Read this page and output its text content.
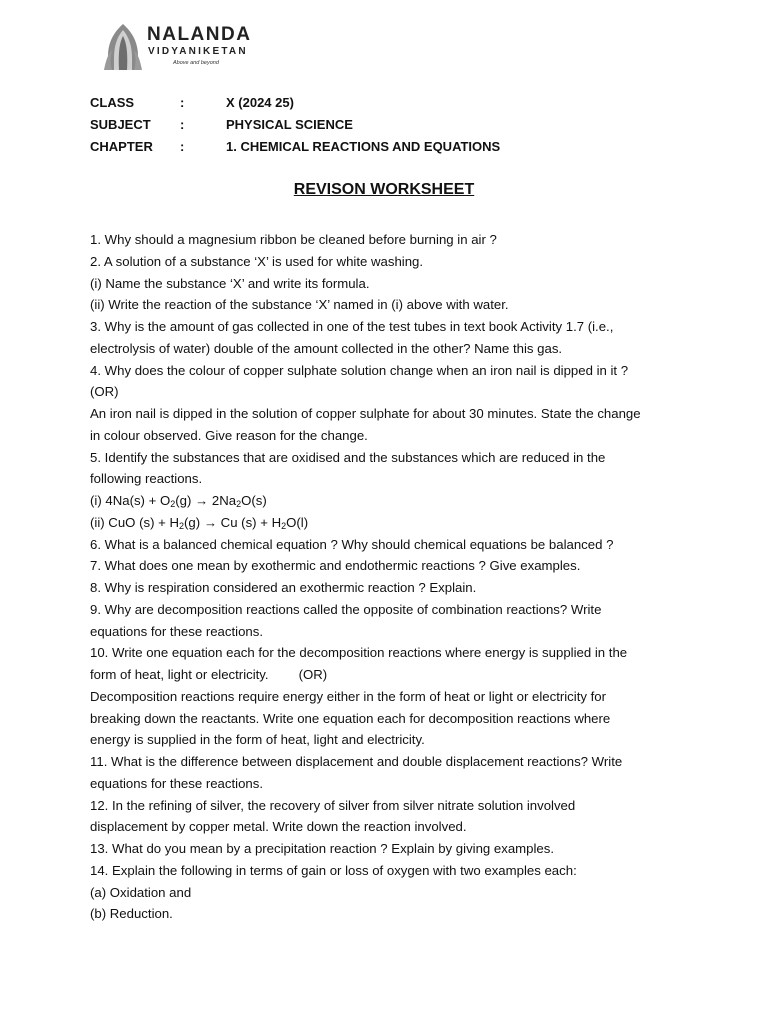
NALANDA
VIDYANIKETAN
Above and beyond
CLASS	:	X (2024 25)
SUBJECT :	PHYSICAL SCIENCE
CHAPTER :	1. CHEMICAL REACTIONS AND EQUATIONS
REVISON WORKSHEET
1. Why should a magnesium ribbon be cleaned before burning in air ?
2. A solution of a substance ‘X’ is used for white washing.
(i) Name the substance ‘X’ and write its formula.
(ii) Write the reaction of the substance ‘X’ named in (i) above with water.
3. Why is the amount of gas collected in one of the test tubes in text book Activity 1.7 (i.e.,
electrolysis of water) double of the amount collected in the other? Name this gas.
4. Why does the colour of copper sulphate solution change when an iron nail is dipped in it ?
(OR)
An iron nail is dipped in the solution of copper sulphate for about 30 minutes. State the change
in colour observed. Give reason for the change.
5. Identify the substances that are oxidised and the substances which are reduced in the
following reactions.
(i) $4Na(s) + O_2(g) \to 2Na_2O(s)$
(ii) CuO $(s) + H_2(g) \to Cu$ $(s) + H_2O(l)$
6. What is a balanced chemical equation ? Why should chemical equations be balanced ?
7. What does one mean by exothermic and endothermic reactions ? Give examples.
8. Why is respiration considered an exothermic reaction ? Explain.
9. Why are decomposition reactions called the opposite of combination reactions? Write
equations for these reactions.
10. Write one equation each for the decomposition reactions where energy is supplied in the
form of heat, light or electricity. (OR)
Decomposition reactions require energy either in the form of heat or light or electricity for
breaking down the reactants. Write one equation each for decomposition reactions where
energy is supplied in the form of heat, light and electricity.
11. What is the difference between displacement and double displacement reactions? Write
equations for these reactions.
12. In the refining of silver, the recovery of silver from silver nitrate solution involved
displacement by copper metal. Write down the reaction involved.
13. What do you mean by a precipitation reaction ? Explain by giving examples.
14. Explain the following in terms of gain or loss of oxygen with two examples each:
(a) Oxidation and
(b) Reduction.
